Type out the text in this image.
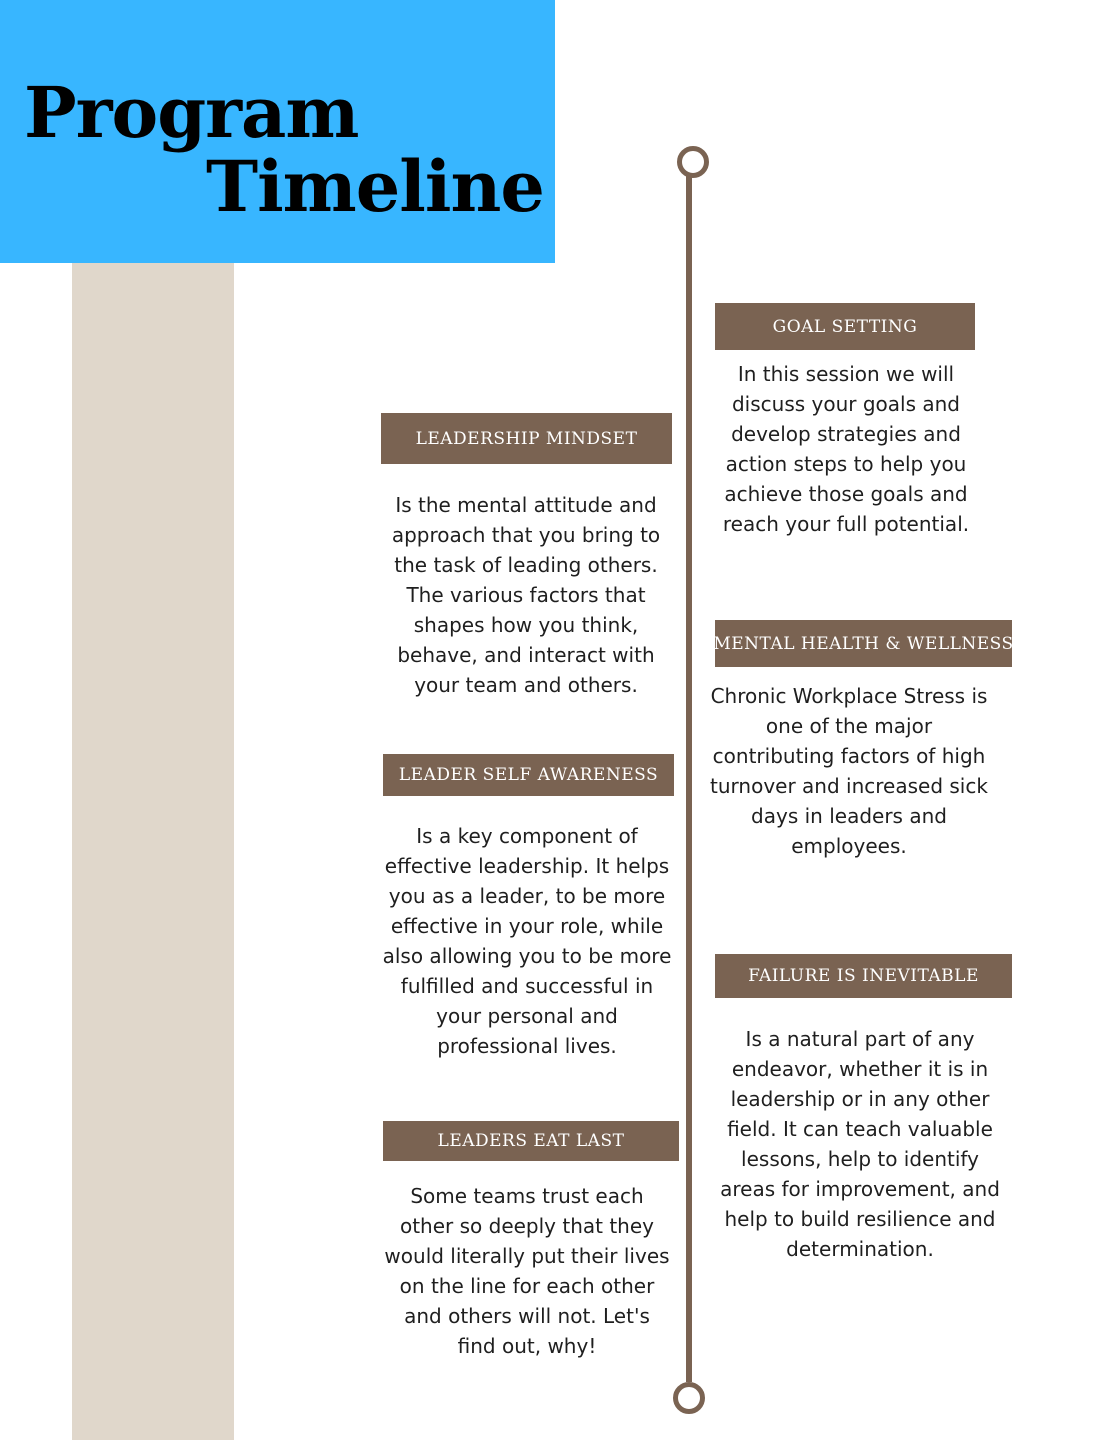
Program
Timeline
LEADERSHIP MINDSET
Is the mental attitude and approach that you bring to the task of leading others. The various factors that shapes how you think, behave, and interact with your team and others.
LEADER SELF AWARENESS
Is a key component of effective leadership. It helps you as a leader, to be more effective in your role, while also allowing you to be more fulfilled and successful in your personal and professional lives.
LEADERS EAT LAST
Some teams trust each other so deeply that they would literally put their lives on the line for each other and others will not. Let's find out, why!
GOAL SETTING
In this session we will discuss your goals and develop strategies and action steps to help you achieve those goals and reach your full potential.
MENTAL HEALTH & WELLNESS
Chronic Workplace Stress is one of the major contributing factors of high turnover and increased sick days in leaders and employees.
FAILURE IS INEVITABLE
Is a natural part of any endeavor, whether it is in leadership or in any other field. It can teach valuable lessons, help to identify areas for improvement, and help to build resilience and determination.
